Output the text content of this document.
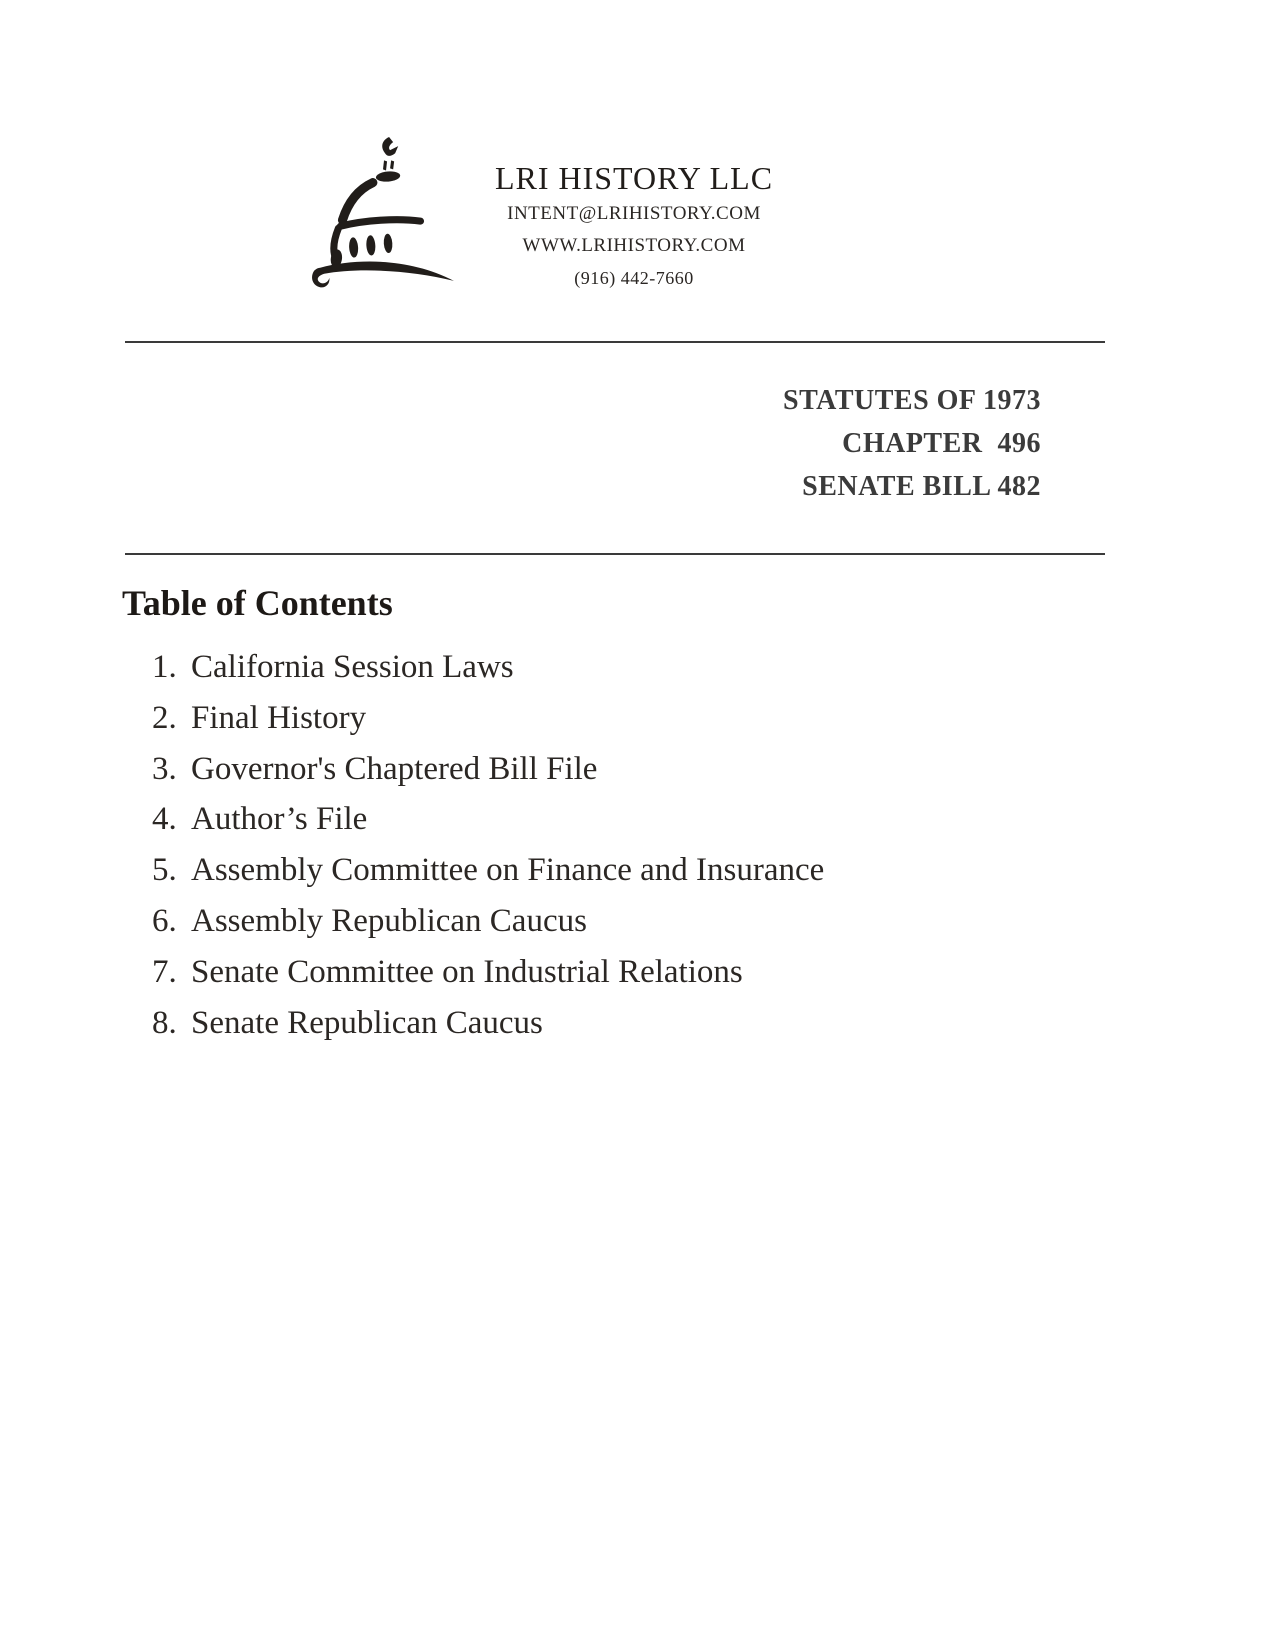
LRI HISTORY LLC
INTENT@LRIHISTORY.COM
WWW.LRIHISTORY.COM
(916) 442-7660
STATUTES OF 1973
CHAPTER  496
SENATE BILL 482
Table of Contents
1. California Session Laws
2. Final History
3. Governor's Chaptered Bill File
4. Author’s File
5. Assembly Committee on Finance and Insurance
6. Assembly Republican Caucus
7. Senate Committee on Industrial Relations
8. Senate Republican Caucus
